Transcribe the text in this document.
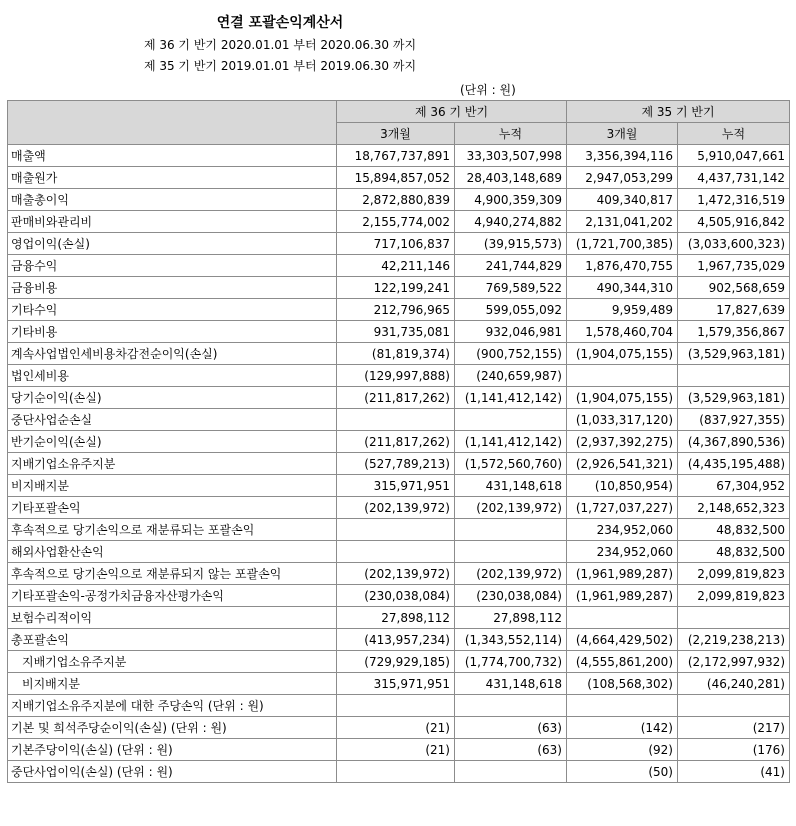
연결 포괄손익계산서
제 36 기 반기 2020.01.01 부터 2020.06.30 까지
제 35 기 반기 2019.01.01 부터 2019.06.30 까지
(단위 : 원)
	제 36 기 반기		제 35 기 반기	
	3개월	누적	3개월	누적
매출액	18,767,737,891	33,303,507,998	3,356,394,116	5,910,047,661
매출원가	15,894,857,052	28,403,148,689	2,947,053,299	4,437,731,142
매출총이익	2,872,880,839	4,900,359,309	409,340,817	1,472,316,519
판매비와관리비	2,155,774,002	4,940,274,882	2,131,041,202	4,505,916,842
영업이익(손실)	717,106,837	(39,915,573)	(1,721,700,385)	(3,033,600,323)
금융수익	42,211,146	241,744,829	1,876,470,755	1,967,735,029
금융비용	122,199,241	769,589,522	490,344,310	902,568,659
기타수익	212,796,965	599,055,092	9,959,489	17,827,639
기타비용	931,735,081	932,046,981	1,578,460,704	1,579,356,867
계속사업법인세비용차감전순이익(손실)	(81,819,374)	(900,752,155)	(1,904,075,155)	(3,529,963,181)
법인세비용	(129,997,888)	(240,659,987)		
당기순이익(손실)	(211,817,262)	(1,141,412,142)	(1,904,075,155)	(3,529,963,181)
중단사업순손실			(1,033,317,120)	(837,927,355)
반기순이익(손실)	(211,817,262)	(1,141,412,142)	(2,937,392,275)	(4,367,890,536)
지배기업소유주지분	(527,789,213)	(1,572,560,760)	(2,926,541,321)	(4,435,195,488)
비지배지분	315,971,951	431,148,618	(10,850,954)	67,304,952
기타포괄손익	(202,139,972)	(202,139,972)	(1,727,037,227)	2,148,652,323
후속적으로 당기손익으로 재분류되는 포괄손익			234,952,060	48,832,500
해외사업환산손익			234,952,060	48,832,500
후속적으로 당기손익으로 재분류되지 않는 포괄손익	(202,139,972)	(202,139,972)	(1,961,989,287)	2,099,819,823
기타포괄손익-공정가치금융자산평가손익	(230,038,084)	(230,038,084)	(1,961,989,287)	2,099,819,823
보험수리적이익	27,898,112	27,898,112		
총포괄손익	(413,957,234)	(1,343,552,114)	(4,664,429,502)	(2,219,238,213)
지배기업소유주지분	(729,929,185)	(1,774,700,732)	(4,555,861,200)	(2,172,997,932)
비지배지분	315,971,951	431,148,618	(108,568,302)	(46,240,281)
지배기업소유주지분에 대한 주당손익 (단위 : 원)				
기본 및 희석주당순이익(손실) (단위 : 원)	(21)	(63)	(142)	(217)
기본주당이익(손실) (단위 : 원)	(21)	(63)	(92)	(176)
중단사업이익(손실) (단위 : 원)			(50)	(41)
